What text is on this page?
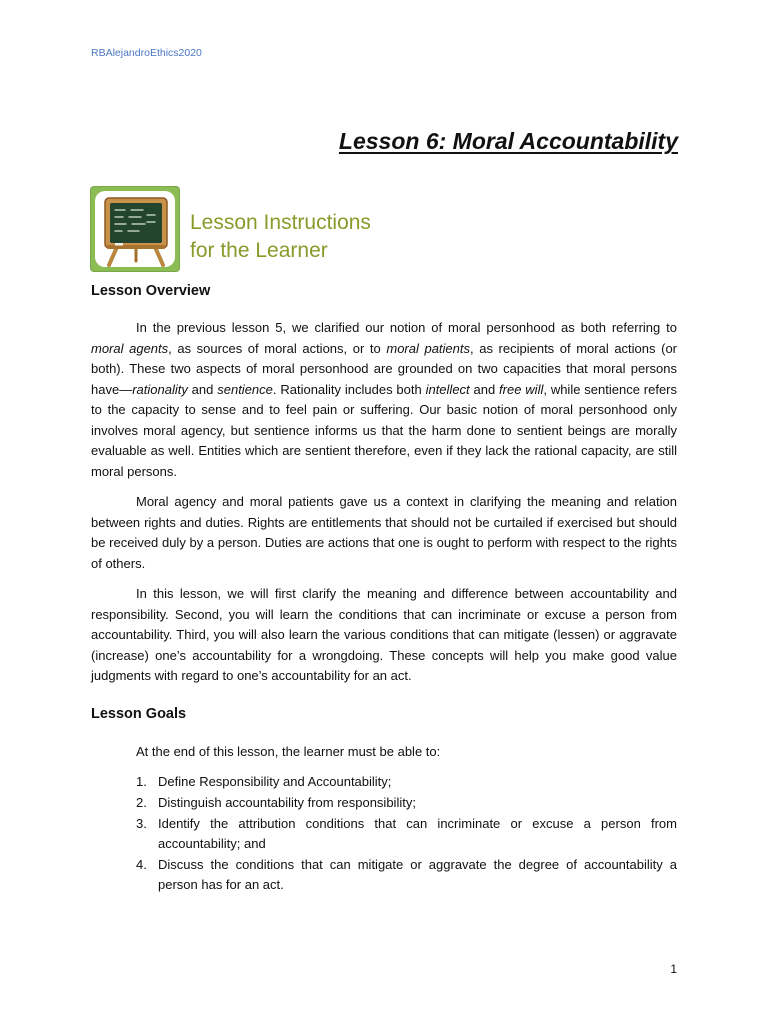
RBAlejandroEthics2020
Lesson 6: Moral Accountability
Lesson Instructions
for the Learner
Lesson Overview

In the previous lesson 5, we clarified our notion of moral personhood as both referring to moral agents, as sources of moral actions, or to moral patients, as recipients of moral actions (or both). These two aspects of moral personhood are grounded on two capacities that moral persons have—rationality and sentience. Rationality includes both intellect and free will, while sentience refers to the capacity to sense and to feel pain or suffering. Our basic notion of moral personhood only involves moral agency, but sentience informs us that the harm done to sentient beings are morally evaluable as well. Entities which are sentient therefore, even if they lack the rational capacity, are still moral persons.

Moral agency and moral patients gave us a context in clarifying the meaning and relation between rights and duties. Rights are entitlements that should not be curtailed if exercised but should be received duly by a person. Duties are actions that one is ought to perform with respect to the rights of others.

In this lesson, we will first clarify the meaning and difference between accountability and responsibility. Second, you will learn the conditions that can incriminate or excuse a person from accountability. Third, you will also learn the various conditions that can mitigate (lessen) or aggravate (increase) one’s accountability for a wrongdoing. These concepts will help you make good value judgments with regard to one’s accountability for an act.

Lesson Goals
At the end of this lesson, the learner must be able to:
1. Define Responsibility and Accountability;
2. Distinguish accountability from responsibility;
3. Identify the attribution conditions that can incriminate or excuse a person from accountability; and
4. Discuss the conditions that can mitigate or aggravate the degree of accountability a person has for an act.
1
